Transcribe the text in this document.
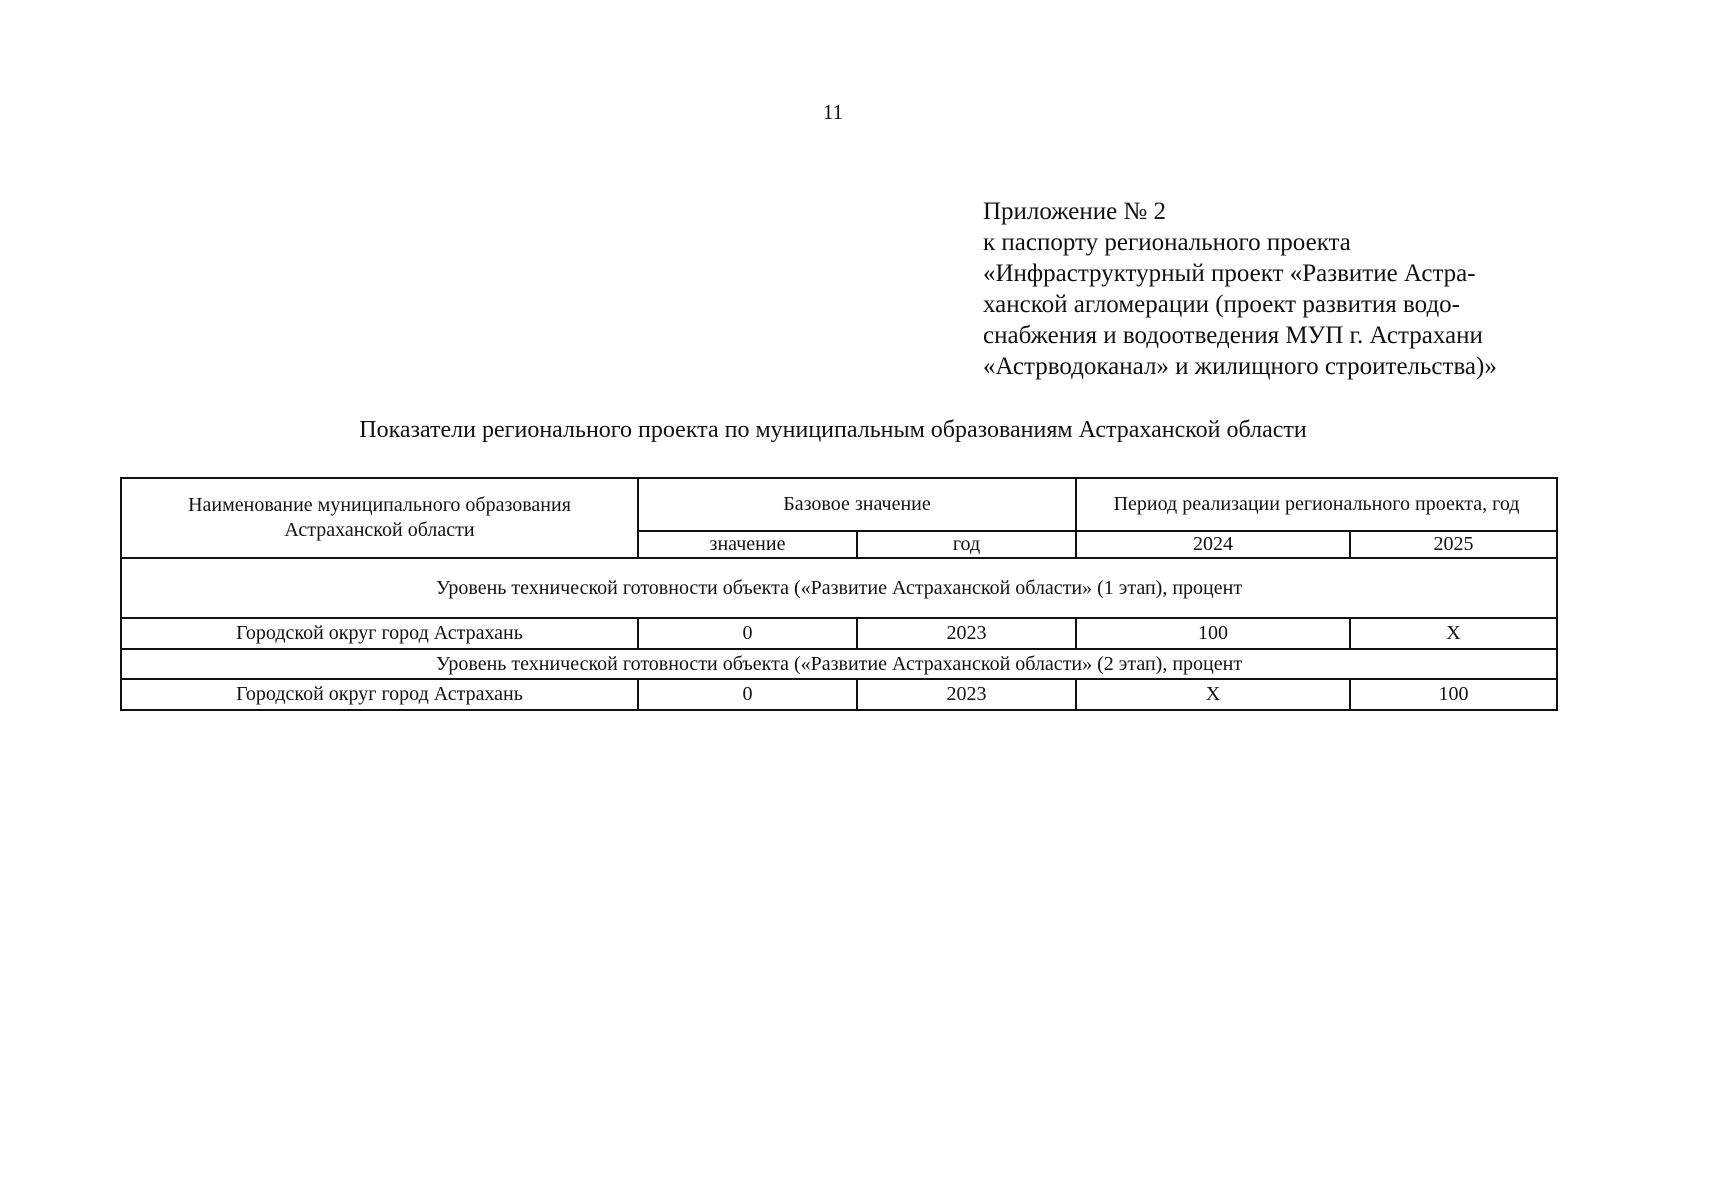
11
Приложение № 2
к паспорту регионального проекта
«Инфраструктурный проект «Развитие Астра-
ханской агломерации (проект развития водо-
снабжения и водоотведения МУП г. Астрахани
«Астрводоканал» и жилищного строительства)»
Показатели регионального проекта по муниципальным образованиям Астраханской области
Наименование муниципального образования Астраханской области	Базовое значение		Период реализации регионального проекта, год	
	значение	год	2024	2025
Уровень технической готовности объекта («Развитие Астраханской области» (1 этап), процент				
Городской округ город Астрахань	0	2023	100	X
Уровень технической готовности объекта («Развитие Астраханской области» (2 этап), процент				
Городской округ город Астрахань	0	2023	X	100
